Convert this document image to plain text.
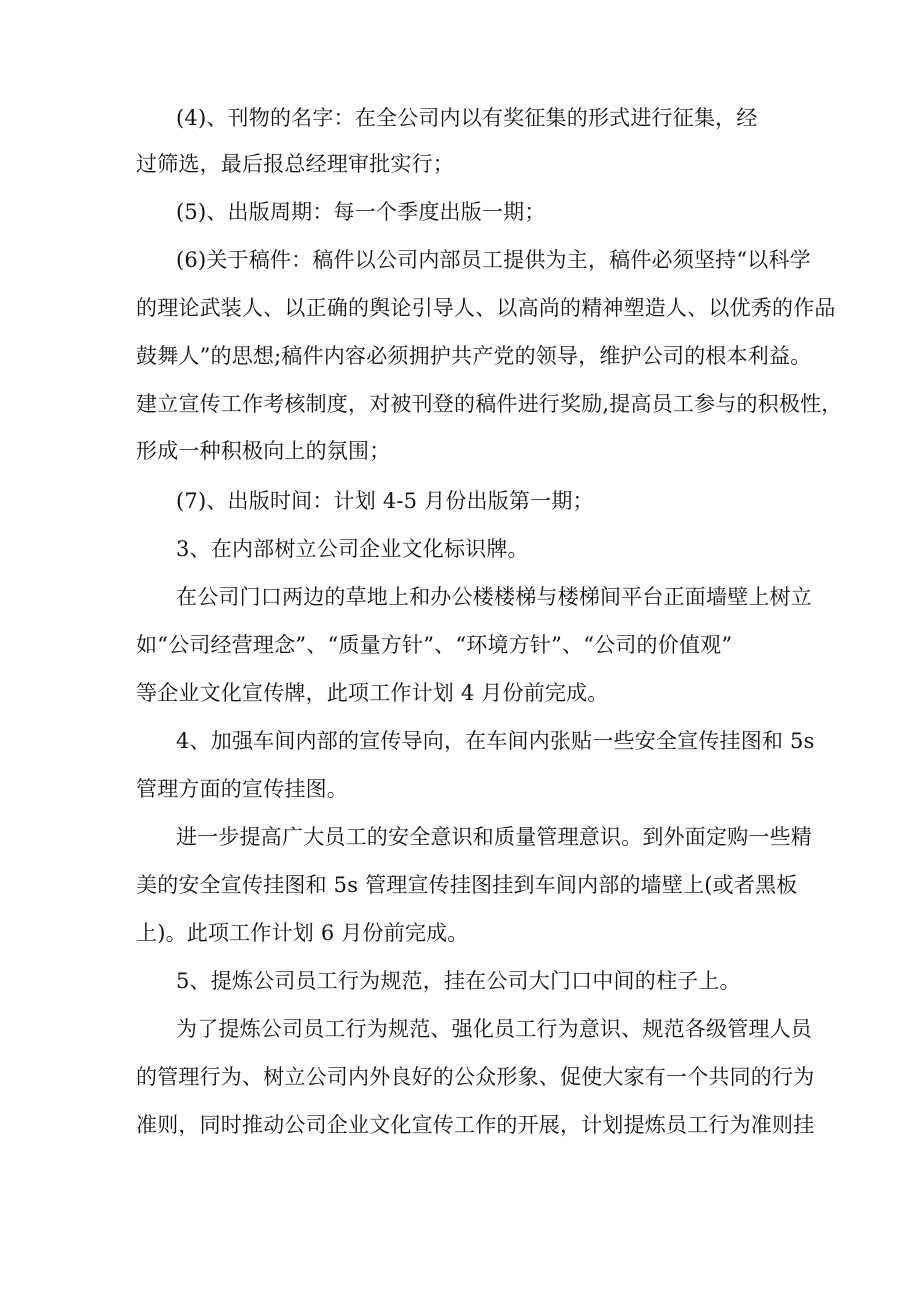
(4)、刊物的名字：在全公司内以有奖征集的形式进行征集，经
过筛选，最后报总经理审批实行；
(5)、出版周期：每一个季度出版一期；
(6)关于稿件：稿件以公司内部员工提供为主，稿件必须坚持“以科学
的理论武装人、以正确的舆论引导人、以高尚的精神塑造人、以优秀的作品
鼓舞人”的思想;稿件内容必须拥护共产党的领导，维护公司的根本利益。
建立宣传工作考核制度，对被刊登的稿件进行奖励,提高员工参与的积极性，
形成一种积极向上的氛围；
(7)、出版时间：计划 4-5 月份出版第一期；
3、在内部树立公司企业文化标识牌。
在公司门口两边的草地上和办公楼楼梯与楼梯间平台正面墙壁上树立
如“公司经营理念”、“质量方针”、“环境方针”、“公司的价值观”
等企业文化宣传牌，此项工作计划 4 月份前完成。
4、加强车间内部的宣传导向，在车间内张贴一些安全宣传挂图和 5s
管理方面的宣传挂图。
进一步提高广大员工的安全意识和质量管理意识。到外面定购一些精
美的安全宣传挂图和 5s 管理宣传挂图挂到车间内部的墙壁上(或者黑板
上)。此项工作计划 6 月份前完成。
5、提炼公司员工行为规范，挂在公司大门口中间的柱子上。
为了提炼公司员工行为规范、强化员工行为意识、规范各级管理人员
的管理行为、树立公司内外良好的公众形象、促使大家有一个共同的行为
准则，同时推动公司企业文化宣传工作的开展，计划提炼员工行为准则挂
